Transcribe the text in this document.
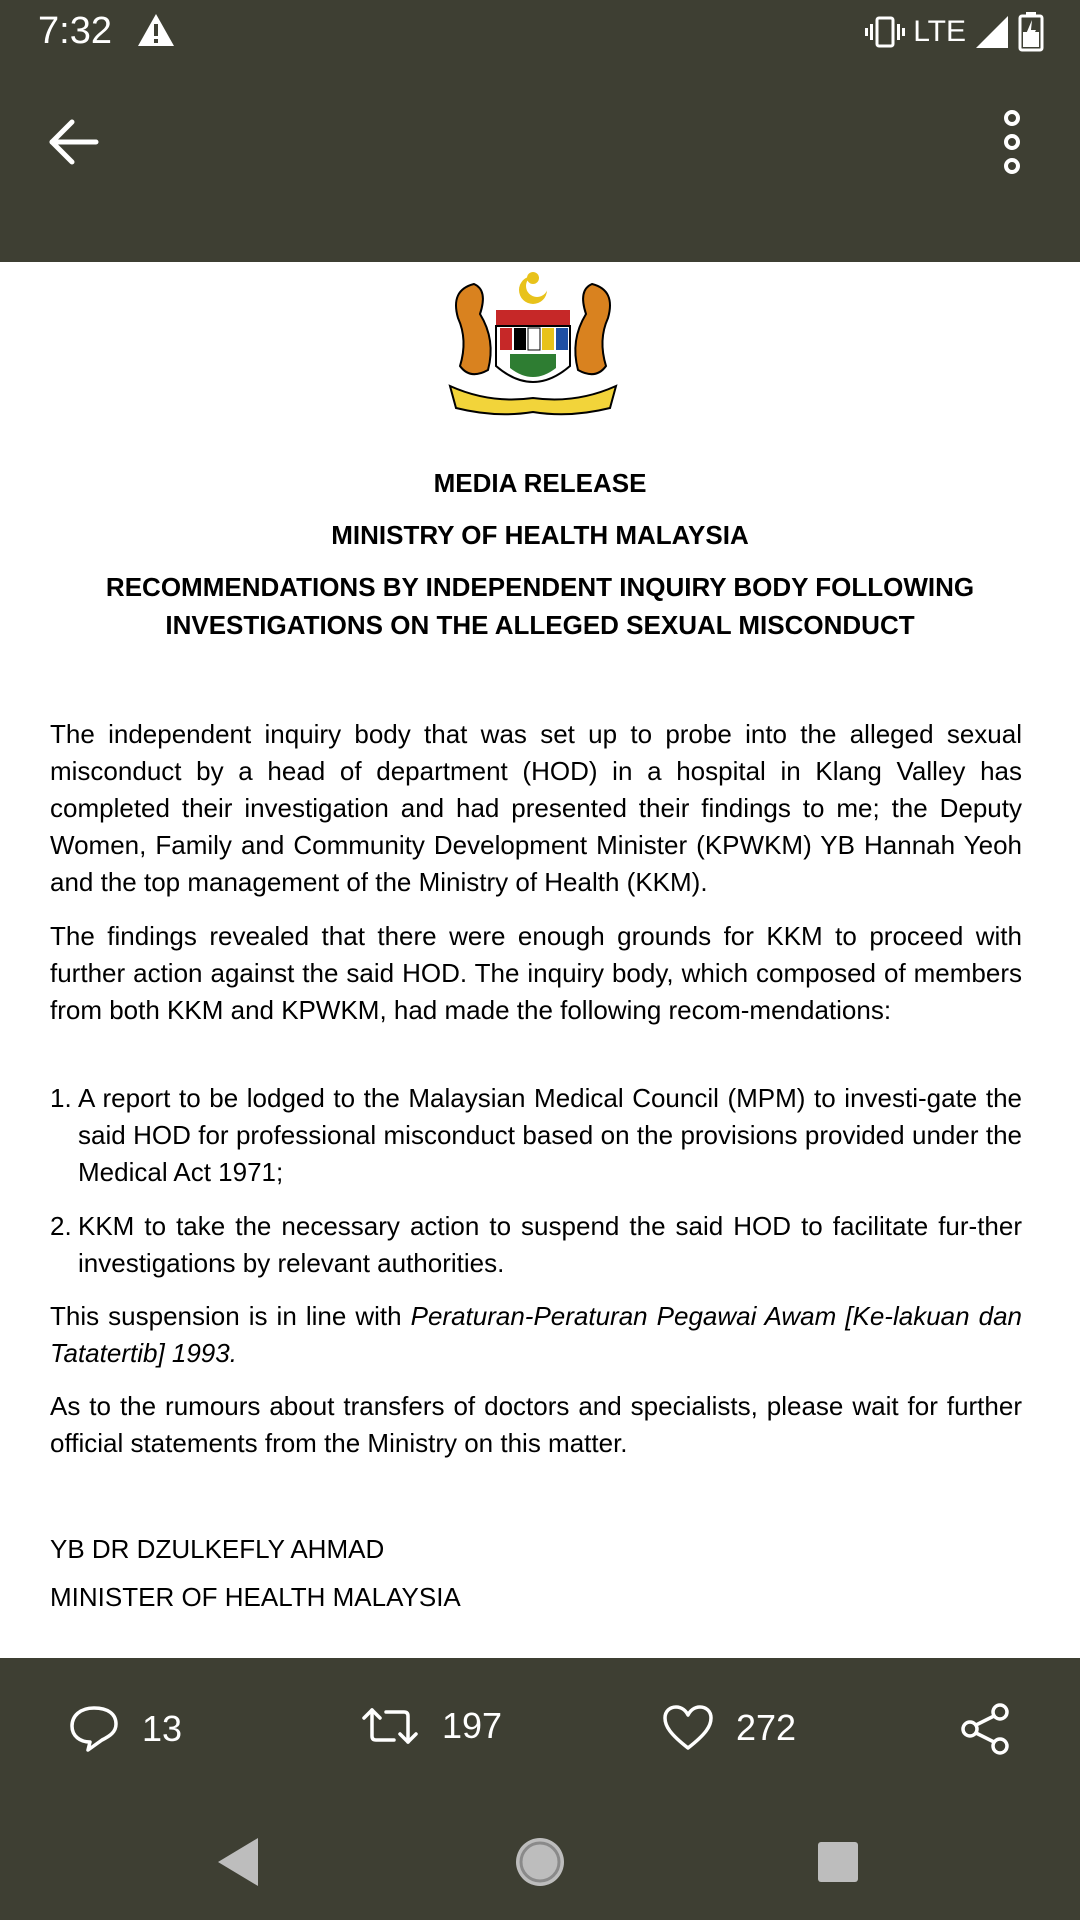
7:32	LTE
MEDIA RELEASE
MINISTRY OF HEALTH MALAYSIA
RECOMMENDATIONS BY INDEPENDENT INQUIRY BODY FOLLOWING INVESTIGATIONS ON THE ALLEGED SEXUAL MISCONDUCT
The independent inquiry body that was set up to probe into the alleged sexual misconduct by a head of department (HOD) in a hospital in Klang Valley has completed their investigation and had presented their findings to me; the Deputy Women, Family and Community Development Minister (KPWKM) YB Hannah Yeoh and the top management of the Ministry of Health (KKM).
The findings revealed that there were enough grounds for KKM to proceed with further action against the said HOD. The inquiry body, which composed of members from both KKM and KPWKM, had made the following recom-mendations:
1. A report to be lodged to the Malaysian Medical Council (MPM) to investi-gate the said HOD for professional misconduct based on the provisions provided under the Medical Act 1971;
2. KKM to take the necessary action to suspend the said HOD to facilitate fur-ther investigations by relevant authorities.
This suspension is in line with Peraturan-Peraturan Pegawai Awam [Ke-lakuan dan Tatatertib] 1993.
As to the rumours about transfers of doctors and specialists, please wait for further official statements from the Ministry on this matter.
YB DR DZULKEFLY AHMAD
MINISTER OF HEALTH MALAYSIA
13	197	272
